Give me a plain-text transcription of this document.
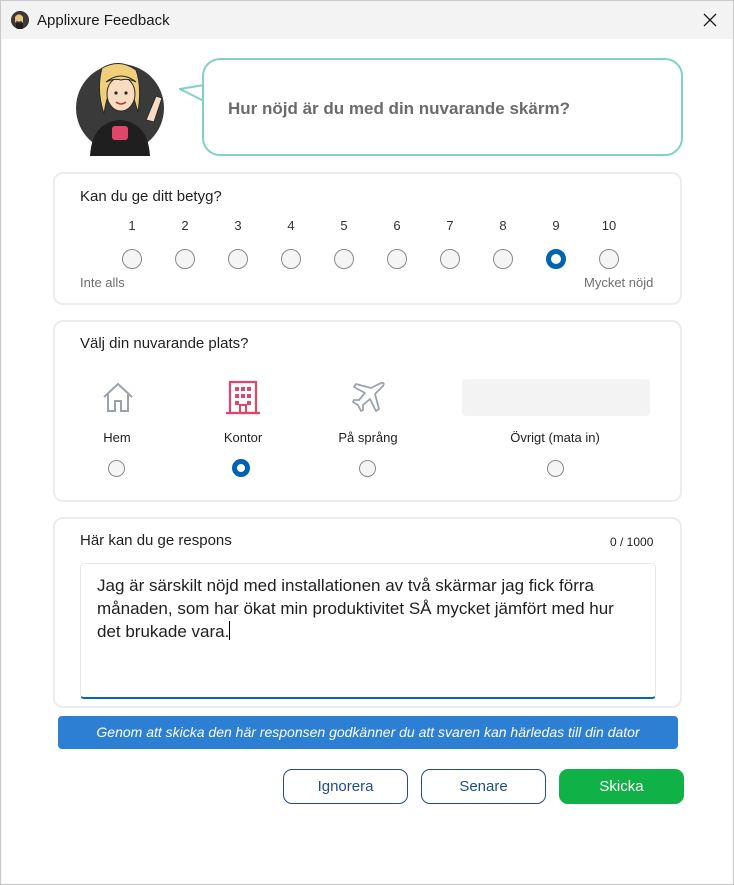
Applixure Feedback
Hur nöjd är du med din nuvarande skärm?
Kan du ge ditt betyg?
1	2	3	4	5	6	7	8	9	10
Inte alls	Mycket nöjd
Välj din nuvarande plats?
Hem	Kontor	På språng	Övrigt (mata in)
Här kan du ge respons	0 / 1000
Jag är särskilt nöjd med installationen av två skärmar jag fick förra månaden, som har ökat min produktivitet SÅ mycket jämfört med hur det brukade vara.
Genom att skicka den här responsen godkänner du att svaren kan härledas till din dator
Ignorera	Senare	Skicka
